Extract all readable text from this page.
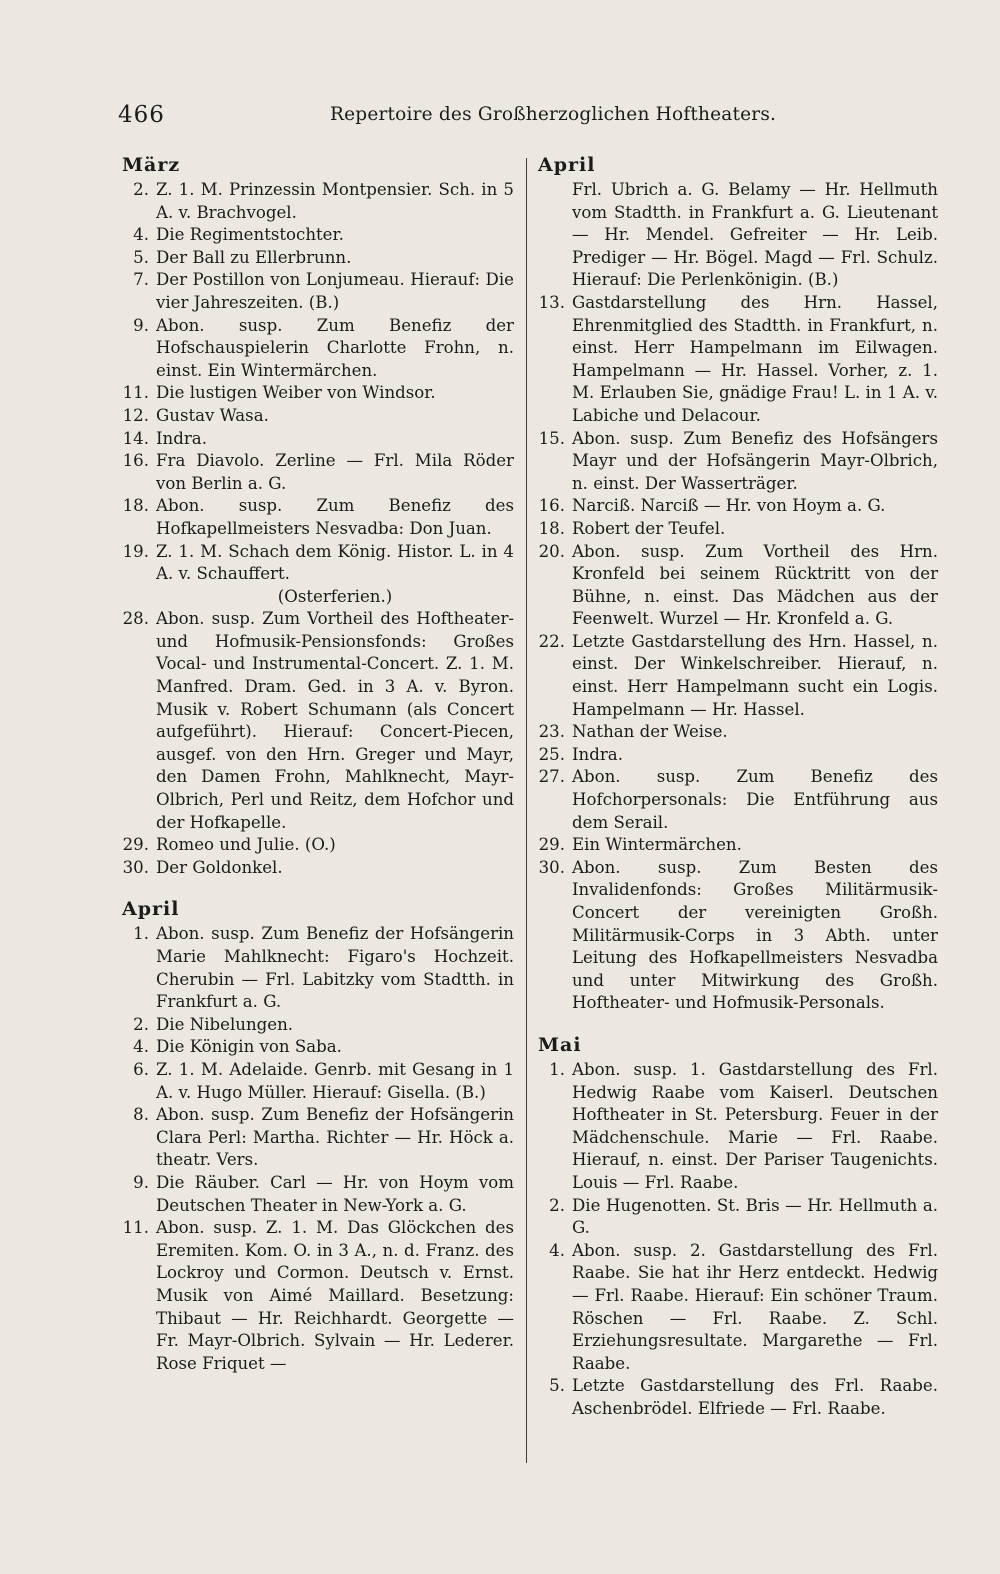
466	Repertoire des Großherzoglichen Hoftheaters.
März
2. Z. 1. M. Prinzessin Montpensier. Sch. in 5 A. v. Brachvogel.
4. Die Regimentstochter.
5. Der Ball zu Ellerbrunn.
7. Der Postillon von Lonjumeau. Hierauf: Die vier Jahreszeiten. (B.)
9. Abon. susp. Zum Benefiz der Hofschauspielerin Charlotte Frohn, n. einst. Ein Wintermärchen.
11. Die lustigen Weiber von Windsor.
12. Gustav Wasa.
14. Indra.
16. Fra Diavolo. Zerline — Frl. Mila Röder von Berlin a. G.
18. Abon. susp. Zum Benefiz des Hofkapellmeisters Nesvadba: Don Juan.
19. Z. 1. M. Schach dem König. Histor. L. in 4 A. v. Schauffert.
(Osterferien.)
28. Abon. susp. Zum Vortheil des Hoftheater- und Hofmusik-Pensionsfonds: Großes Vocal- und Instrumental-Concert. Z. 1. M. Manfred. Dram. Ged. in 3 A. v. Byron. Musik v. Robert Schumann (als Concert aufgeführt). Hierauf: Concert-Piecen, ausgef. von den Hrn. Greger und Mayr, den Damen Frohn, Mahlknecht, Mayr-Olbrich, Perl und Reitz, dem Hofchor und der Hofkapelle.
29. Romeo und Julie. (O.)
30. Der Goldonkel.
April
1. Abon. susp. Zum Benefiz der Hofsängerin Marie Mahlknecht: Figaro's Hochzeit. Cherubin — Frl. Labitzky vom Stadtth. in Frankfurt a. G.
2. Die Nibelungen.
4. Die Königin von Saba.
6. Z. 1. M. Adelaide. Genrb. mit Gesang in 1 A. v. Hugo Müller. Hierauf: Gisella. (B.)
8. Abon. susp. Zum Benefiz der Hofsängerin Clara Perl: Martha. Richter — Hr. Höck a. theatr. Vers.
9. Die Räuber. Carl — Hr. von Hoym vom Deutschen Theater in New-York a. G.
11. Abon. susp. Z. 1. M. Das Glöckchen des Eremiten. Kom. O. in 3 A., n. d. Franz. des Lockroy und Cormon. Deutsch v. Ernst. Musik von Aimé Maillard. Besetzung: Thibaut — Hr. Reichhardt. Georgette — Fr. Mayr-Olbrich. Sylvain — Hr. Lederer. Rose Friquet —
April
Frl. Ubrich a. G. Belamy — Hr. Hellmuth vom Stadtth. in Frankfurt a. G. Lieutenant — Hr. Mendel. Gefreiter — Hr. Leib. Prediger — Hr. Bögel. Magd — Frl. Schulz. Hierauf: Die Perlenkönigin. (B.)
13. Gastdarstellung des Hrn. Hassel, Ehrenmitglied des Stadtth. in Frankfurt, n. einst. Herr Hampelmann im Eilwagen. Hampelmann — Hr. Hassel. Vorher, z. 1. M. Erlauben Sie, gnädige Frau! L. in 1 A. v. Labiche und Delacour.
15. Abon. susp. Zum Benefiz des Hofsängers Mayr und der Hofsängerin Mayr-Olbrich, n. einst. Der Wasserträger.
16. Narciß. Narciß — Hr. von Hoym a. G.
18. Robert der Teufel.
20. Abon. susp. Zum Vortheil des Hrn. Kronfeld bei seinem Rücktritt von der Bühne, n. einst. Das Mädchen aus der Feenwelt. Wurzel — Hr. Kronfeld a. G.
22. Letzte Gastdarstellung des Hrn. Hassel, n. einst. Der Winkelschreiber. Hierauf, n. einst. Herr Hampelmann sucht ein Logis. Hampelmann — Hr. Hassel.
23. Nathan der Weise.
25. Indra.
27. Abon. susp. Zum Benefiz des Hofchorpersonals: Die Entführung aus dem Serail.
29. Ein Wintermärchen.
30. Abon. susp. Zum Besten des Invalidenfonds: Großes Militärmusik-Concert der vereinigten Großh. Militärmusik-Corps in 3 Abth. unter Leitung des Hofkapellmeisters Nesvadba und unter Mitwirkung des Großh. Hoftheater- und Hofmusik-Personals.
Mai
1. Abon. susp. 1. Gastdarstellung des Frl. Hedwig Raabe vom Kaiserl. Deutschen Hoftheater in St. Petersburg. Feuer in der Mädchenschule. Marie — Frl. Raabe. Hierauf, n. einst. Der Pariser Taugenichts. Louis — Frl. Raabe.
2. Die Hugenotten. St. Bris — Hr. Hellmuth a. G.
4. Abon. susp. 2. Gastdarstellung des Frl. Raabe. Sie hat ihr Herz entdeckt. Hedwig — Frl. Raabe. Hierauf: Ein schöner Traum. Röschen — Frl. Raabe. Z. Schl. Erziehungsresultate. Margarethe — Frl. Raabe.
5. Letzte Gastdarstellung des Frl. Raabe. Aschenbrödel. Elfriede — Frl. Raabe.
